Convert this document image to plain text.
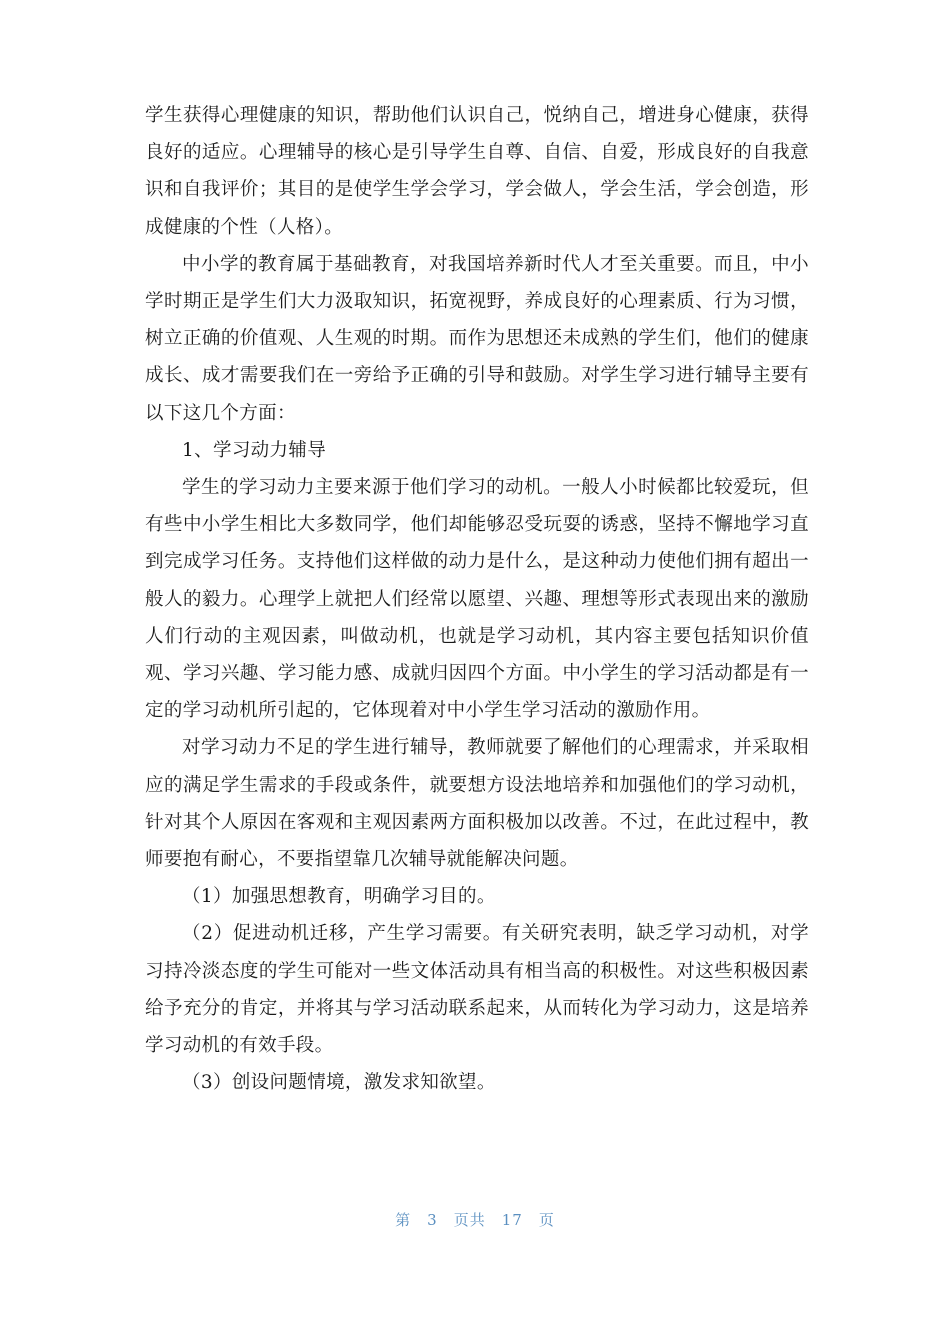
学生获得心理健康的知识，帮助他们认识自己，悦纳自己，增进身心健康，获得良好的适应。心理辅导的核心是引导学生自尊、自信、自爱，形成良好的自我意识和自我评价；其目的是使学生学会学习，学会做人，学会生活，学会创造，形成健康的个性（人格）。

中小学的教育属于基础教育，对我国培养新时代人才至关重要。而且，中小学时期正是学生们大力汲取知识，拓宽视野，养成良好的心理素质、行为习惯，树立正确的价值观、人生观的时期。而作为思想还未成熟的学生们，他们的健康成长、成才需要我们在一旁给予正确的引导和鼓励。对学生学习进行辅导主要有以下这几个方面：

1、学习动力辅导

学生的学习动力主要来源于他们学习的动机。一般人小时候都比较爱玩，但有些中小学生相比大多数同学，他们却能够忍受玩耍的诱惑，坚持不懈地学习直到完成学习任务。支持他们这样做的动力是什么，是这种动力使他们拥有超出一般人的毅力。心理学上就把人们经常以愿望、兴趣、理想等形式表现出来的激励人们行动的主观因素，叫做动机，也就是学习动机，其内容主要包括知识价值观、学习兴趣、学习能力感、成就归因四个方面。中小学生的学习活动都是有一定的学习动机所引起的，它体现着对中小学生学习活动的激励作用。

对学习动力不足的学生进行辅导，教师就要了解他们的心理需求，并采取相应的满足学生需求的手段或条件，就要想方设法地培养和加强他们的学习动机，针对其个人原因在客观和主观因素两方面积极加以改善。不过，在此过程中，教师要抱有耐心，不要指望靠几次辅导就能解决问题。

（1）加强思想教育，明确学习目的。

（2）促进动机迁移，产生学习需要。有关研究表明，缺乏学习动机，对学习持冷淡态度的学生可能对一些文体活动具有相当高的积极性。对这些积极因素给予充分的肯定，并将其与学习活动联系起来，从而转化为学习动力，这是培养学习动机的有效手段。

（3）创设问题情境，激发求知欲望。

第 3 页共 17 页
